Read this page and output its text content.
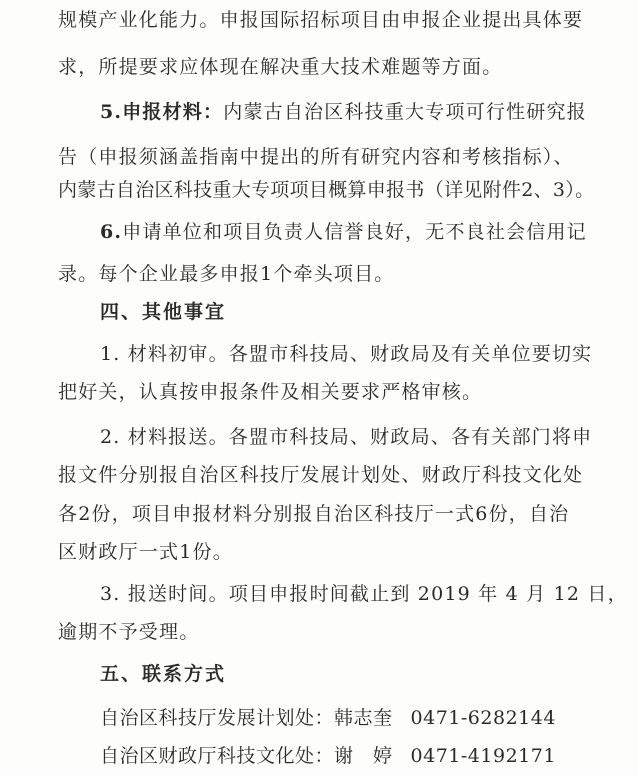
规模产业化能力。申报国际招标项目由申报企业提出具体要
求，所提要求应体现在解决重大技术难题等方面。
5.申报材料：内蒙古自治区科技重大专项可行性研究报
告（申报须涵盖指南中提出的所有研究内容和考核指标）、
内蒙古自治区科技重大专项项目概算申报书（详见附件2、3）。
6.申请单位和项目负责人信誉良好，无不良社会信用记
录。每个企业最多申报1个牵头项目。
四、其他事宜
1. 材料初审。各盟市科技局、财政局及有关单位要切实
把好关，认真按申报条件及相关要求严格审核。
2. 材料报送。各盟市科技局、财政局、各有关部门将申
报文件分别报自治区科技厅发展计划处、财政厅科技文化处
各2份，项目申报材料分别报自治区科技厅一式6份，自治
区财政厅一式1份。
3. 报送时间。项目申报时间截止到 2019 年 4 月 12 日，
逾期不予受理。
五、联系方式
自治区科技厅发展计划处：韩志奎 0471-6282144
自治区财政厅科技文化处：谢　婷 0471-4192171
